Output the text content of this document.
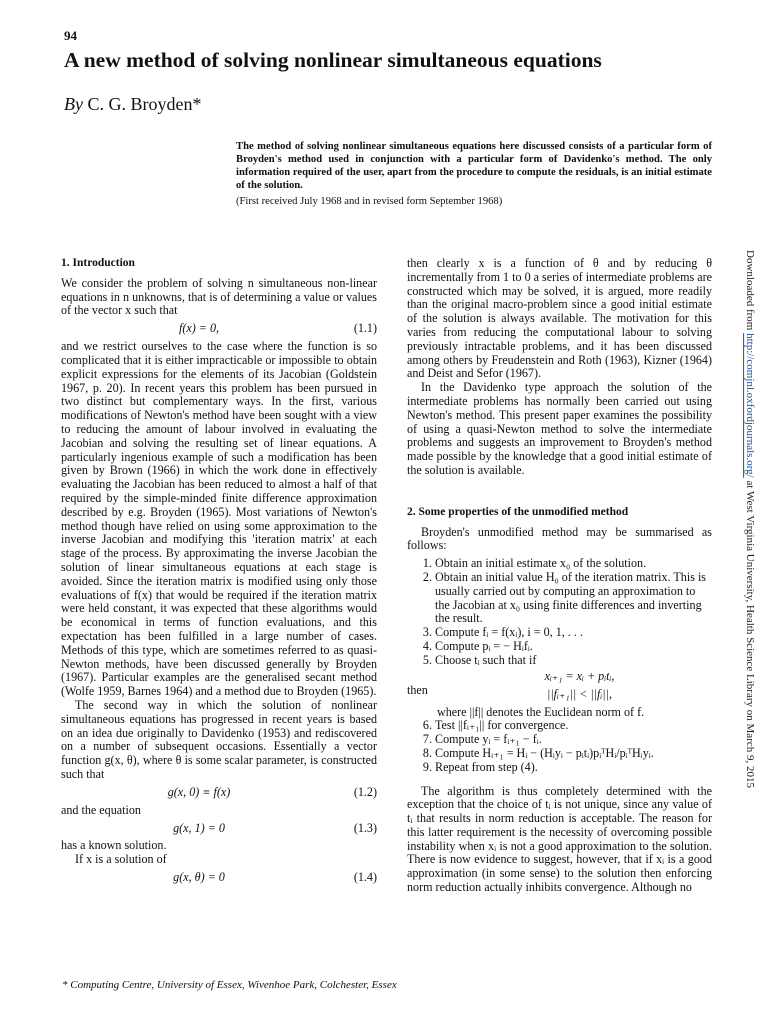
94
A new method of solving nonlinear simultaneous equations
By C. G. Broyden*

The method of solving nonlinear simultaneous equations here discussed consists of a particular form of Broyden's method used in conjunction with a particular form of Davidenko's method. The only information required of the user, apart from the procedure to compute the residuals, is an initial estimate of the solution.

(First received July 1968 and in revised form September 1968)

1. Introduction

We consider the problem of solving n simultaneous non-linear equations in n unknowns, that is of determining a value or values of the vector x such that

f(x) = 0,	(1.1)

and we restrict ourselves to the case where the function is so complicated that it is either impracticable or impossible to obtain explicit expressions for the elements of its Jacobian (Goldstein 1967, p. 20). In recent years this problem has been pursued in two distinct but complementary ways. In the first, various modifications of Newton's method have been sought with a view to reducing the amount of labour involved in evaluating the Jacobian and solving the resulting set of linear equations. A particularly ingenious example of such a modification has been given by Brown (1966) in which the work done in effectively evaluating the Jacobian has been reduced to almost a half of that required by the simple-minded finite difference approximation described by e.g. Broyden (1965). Most variations of Newton's method though have relied on using some approximation to the inverse Jacobian and modifying this 'iteration matrix' at each stage of the process. By approximating the inverse Jacobian the solution of linear simultaneous equations at each stage is avoided. Since the iteration matrix is modified using only those evaluations of f(x) that would be required if the iteration matrix were held constant, it was expected that these algorithms would be economical in terms of function evaluations, and this expectation has been fulfilled in a large number of cases. Methods of this type, which are sometimes referred to as quasi-Newton methods, have been discussed generally by Broyden (1967). Particular examples are the generalised secant method (Wolfe 1959, Barnes 1964) and a method due to Broyden (1965).

The second way in which the solution of nonlinear simultaneous equations has progressed in recent years is based on an idea due originally to Davidenko (1953) and rediscovered on a number of subsequent occasions. Essentially a vector function g(x, θ), where θ is some scalar parameter, is constructed such that

g(x, 0) ≡ f(x)	(1.2)

and the equation

g(x, 1) = 0	(1.3)

has a known solution.

If x is a solution of

g(x, θ) = 0	(1.4)

then clearly x is a function of θ and by reducing θ incrementally from 1 to 0 a series of intermediate problems are constructed which may be solved, it is argued, more readily than the original macro-problem since a good initial estimate of the solution is always available. The motivation for this varies from reducing the computational labour to solving previously intractable problems, and it has been discussed among others by Freudenstein and Roth (1963), Kizner (1964) and Deist and Sefor (1967).

In the Davidenko type approach the solution of the intermediate problems has normally been carried out using Newton's method. This present paper examines the possibility of using a quasi-Newton method to solve the intermediate problems and suggests an improvement to Broyden's method made possible by the knowledge that a good initial estimate of the solution is available.

2. Some properties of the unmodified method

Broyden's unmodified method may be summarised as follows:

1. Obtain an initial estimate x₀ of the solution.
2. Obtain an initial value H₀ of the iteration matrix. This is usually carried out by computing an approximation to the Jacobian at x₀ using finite differences and inverting the result.
3. Compute fᵢ = f(xᵢ), i = 0, 1, . . .
4. Compute pᵢ = − Hᵢfᵢ.
5. Choose tᵢ such that if
then
xᵢ₊₁ = xᵢ + pᵢtᵢ,
||fᵢ₊₁|| < ||fᵢ||,

where ||f|| denotes the Euclidean norm of f.

6. Test ||fᵢ₊₁|| for convergence.
7. Compute yᵢ = fᵢ₊₁ − fᵢ.
8. Compute Hᵢ₊₁ = Hᵢ − (Hᵢyᵢ − pᵢtᵢ)pᵢᵀHᵢ/pᵢᵀHᵢyᵢ.
9. Repeat from step (4).

The algorithm is thus completely determined with the exception that the choice of tᵢ is not unique, since any value of tᵢ that results in norm reduction is acceptable. The reason for this latter requirement is the necessity of overcoming possible instability when xᵢ is not a good approximation to the solution. There is now evidence to suggest, however, that if xᵢ is a good approximation (in some sense) to the solution then enforcing norm reduction actually inhibits convergence. Although no

* Computing Centre, University of Essex, Wivenhoe Park, Colchester, Essex
Downloaded from http://comjnl.oxfordjournals.org/ at West Virginia University, Health Science Library on March 9, 2015
